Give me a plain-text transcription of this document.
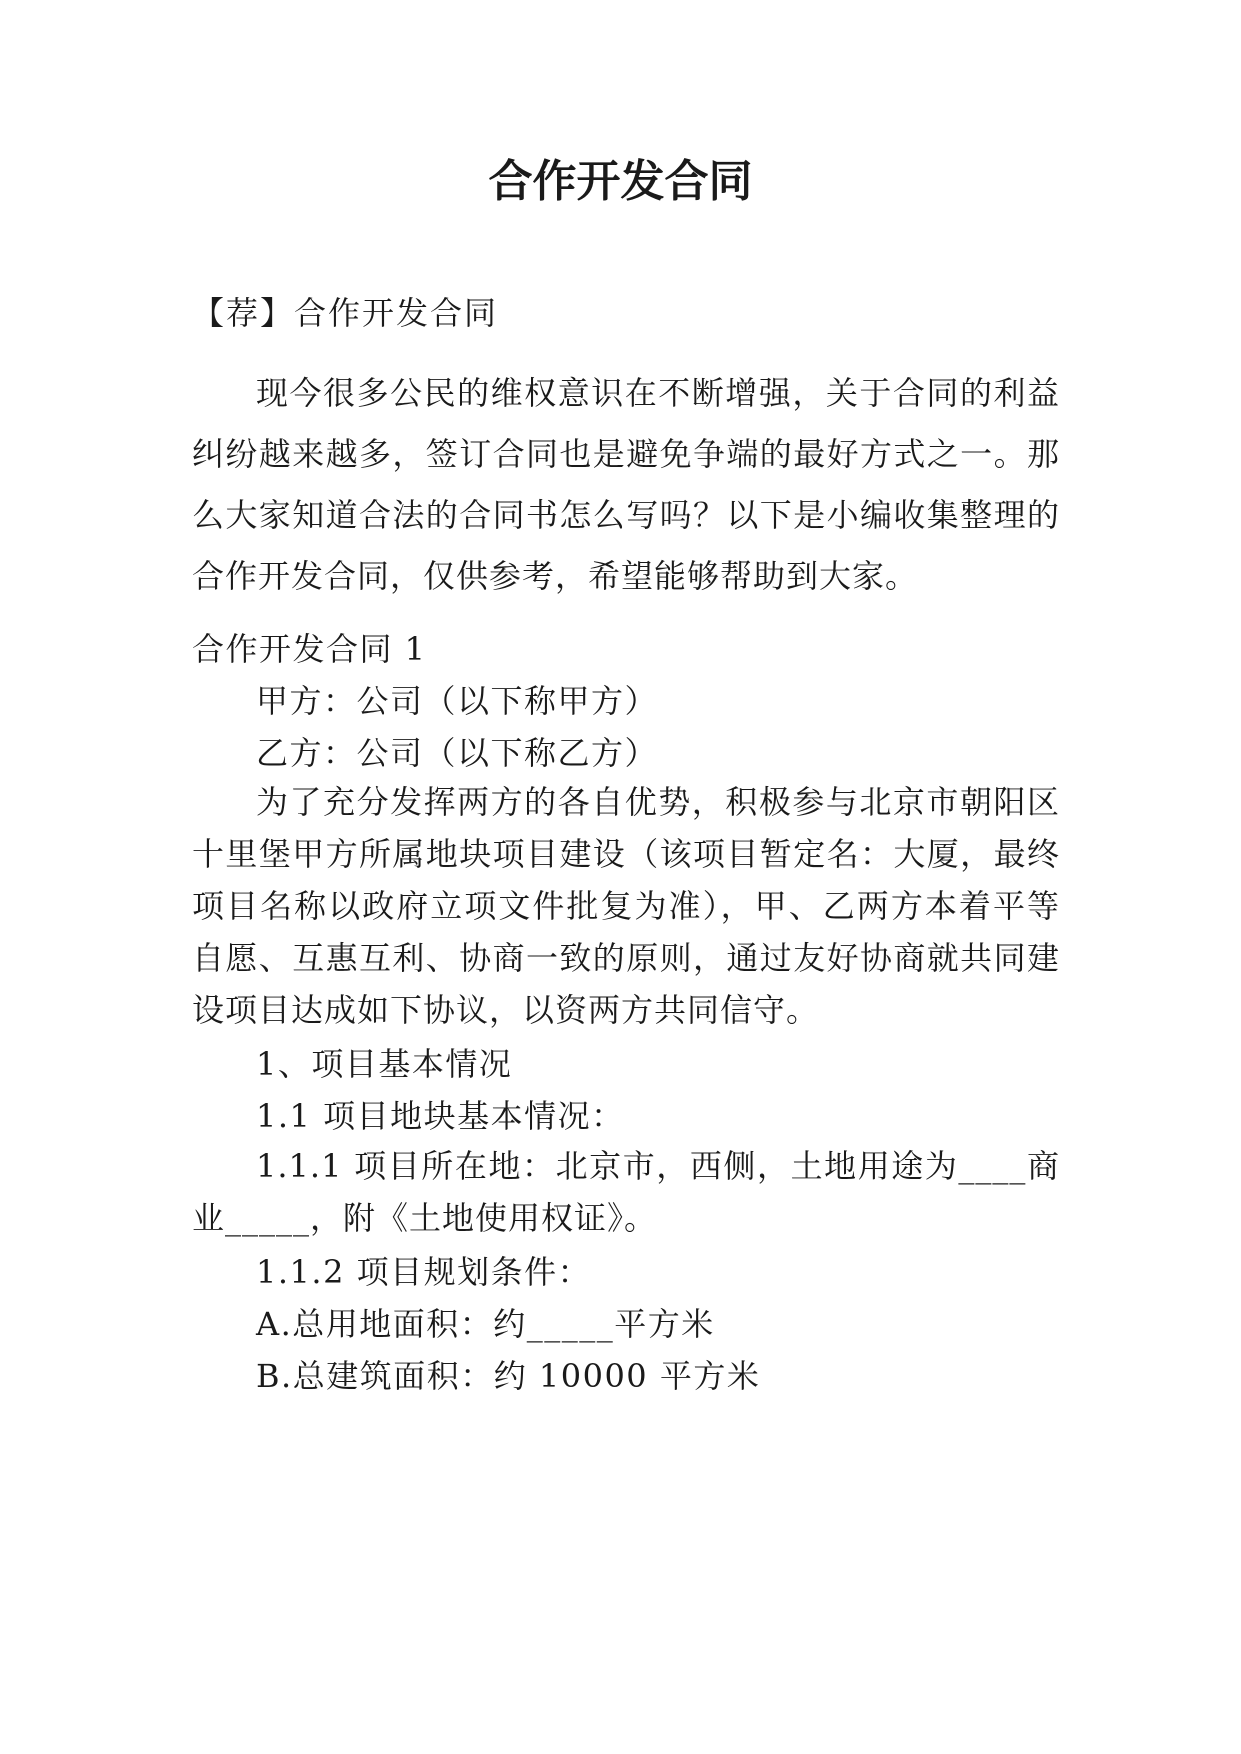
合作开发合同

【荐】合作开发合同

现今很多公民的维权意识在不断增强，关于合同的利益纠纷越来越多，签订合同也是避免争端的最好方式之一。那么大家知道合法的合同书怎么写吗？以下是小编收集整理的合作开发合同，仅供参考，希望能够帮助到大家。

合作开发合同 1

甲方：公司（以下称甲方）

乙方：公司（以下称乙方）

为了充分发挥两方的各自优势，积极参与北京市朝阳区十里堡甲方所属地块项目建设（该项目暂定名：大厦，最终项目名称以政府立项文件批复为准），甲、乙两方本着平等自愿、互惠互利、协商一致的原则，通过友好协商就共同建设项目达成如下协议，以资两方共同信守。

1、项目基本情况

1.1 项目地块基本情况：

1.1.1 项目所在地：北京市，西侧，土地用途为____商业_____，附《土地使用权证》。

1.1.2 项目规划条件：

A.总用地面积：约_____平方米

B.总建筑面积：约 10000 平方米
